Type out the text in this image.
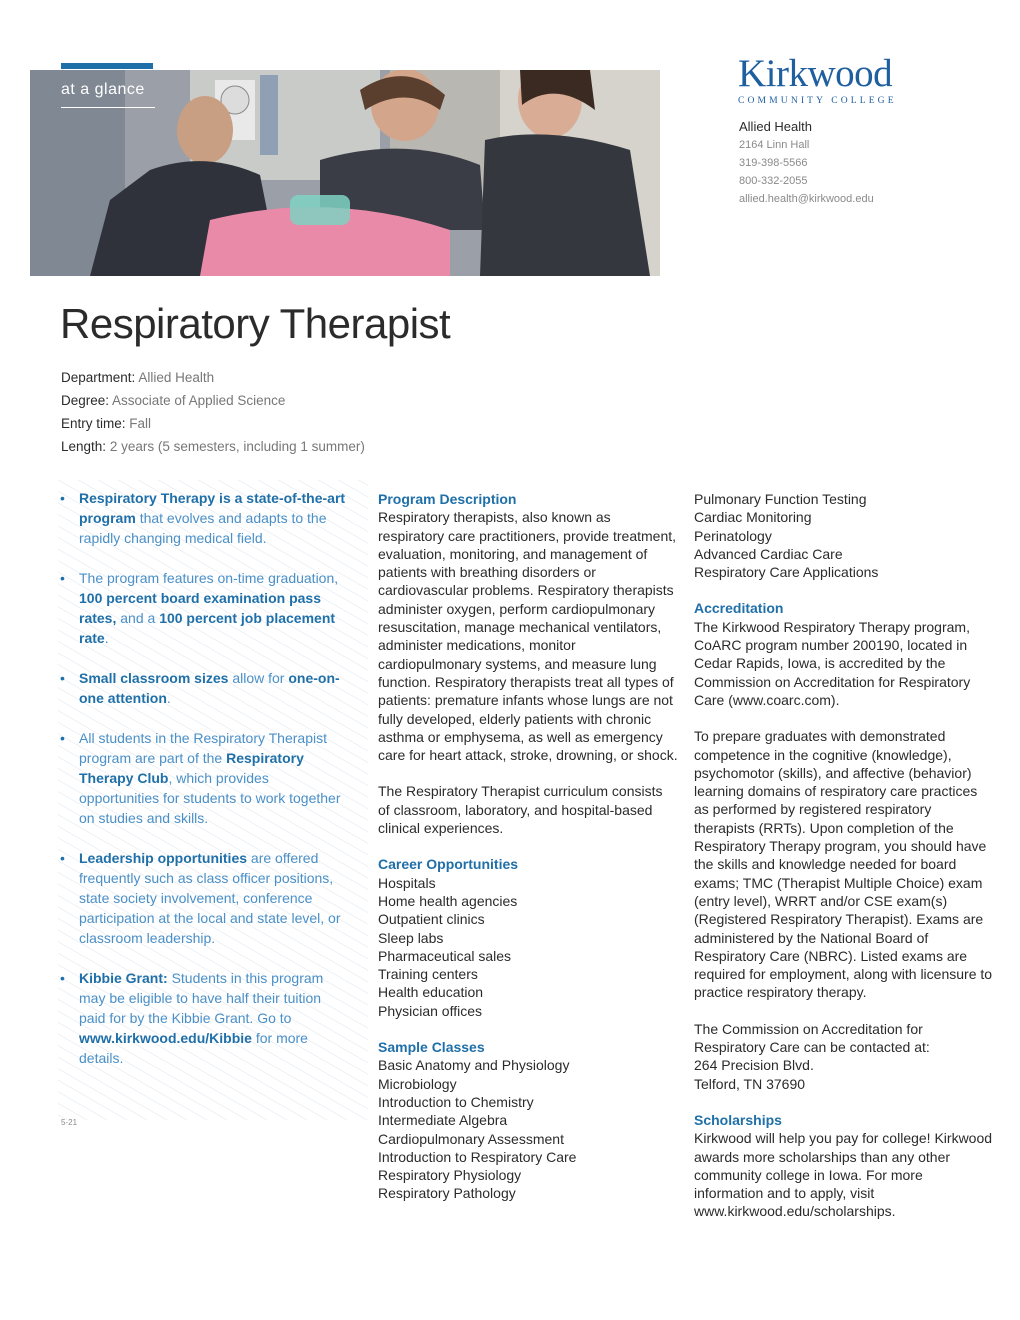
at a glance	Kirkwood
COMMUNITY COLLEGE
Allied Health
2164 Linn Hall
319-398-5566
800-332-2055
allied.health@kirkwood.edu
Respiratory Therapist
Department: Allied Health
Degree: Associate of Applied Science
Entry time: Fall
Length: 2 years (5 semesters, including 1 summer)
• Respiratory Therapy is a state-of-the-art program that evolves and adapts to the rapidly changing medical field.
• The program features on-time graduation, 100 percent board examination pass rates, and a 100 percent job placement rate.
• Small classroom sizes allow for one-on-one attention.
• All students in the Respiratory Therapist program are part of the Respiratory Therapy Club, which provides opportunities for students to work together on studies and skills.
• Leadership opportunities are offered frequently such as class officer positions, state society involvement, conference participation at the local and state level, or classroom leadership.
• Kibbie Grant: Students in this program may be eligible to have half their tuition paid for by the Kibbie Grant. Go to www.kirkwood.edu/Kibbie for more details.
5-21
Program Description

Respiratory therapists, also known as respiratory care practitioners, provide treatment, evaluation, monitoring, and management of patients with breathing disorders or cardiovascular problems. Respiratory therapists administer oxygen, perform cardiopulmonary resuscitation, manage mechanical ventilators, administer medications, monitor cardiopulmonary systems, and measure lung function. Respiratory therapists treat all types of patients: premature infants whose lungs are not fully developed, elderly patients with chronic asthma or emphysema, as well as emergency care for heart attack, stroke, drowning, or shock.

The Respiratory Therapist curriculum consists of classroom, laboratory, and hospital-based clinical experiences.

Career Opportunities
Hospitals
Home health agencies
Outpatient clinics
Sleep labs
Pharmaceutical sales
Training centers
Health education
Physician offices
Sample Classes
Basic Anatomy and Physiology
Microbiology
Introduction to Chemistry
Intermediate Algebra
Cardiopulmonary Assessment
Introduction to Respiratory Care
Respiratory Physiology
Respiratory Pathology
Pulmonary Function Testing
Cardiac Monitoring
Perinatology
Advanced Cardiac Care
Respiratory Care Applications
Accreditation

The Kirkwood Respiratory Therapy program, CoARC program number 200190, located in Cedar Rapids, Iowa, is accredited by the Commission on Accreditation for Respiratory Care (www.coarc.com).

To prepare graduates with demonstrated competence in the cognitive (knowledge), psychomotor (skills), and affective (behavior) learning domains of respiratory care practices as performed by registered respiratory therapists (RRTs). Upon completion of the Respiratory Therapy program, you should have the skills and knowledge needed for board exams; TMC (Therapist Multiple Choice) exam (entry level), WRRT and/or CSE exam(s) (Registered Respiratory Therapist). Exams are administered by the National Board of Respiratory Care (NBRC). Listed exams are required for employment, along with licensure to practice respiratory therapy.

The Commission on Accreditation for Respiratory Care can be contacted at:

264 Precision Blvd.
Telford, TN 37690
Scholarships

Kirkwood will help you pay for college! Kirkwood awards more scholarships than any other community college in Iowa. For more information and to apply, visit www.kirkwood.edu/scholarships.
